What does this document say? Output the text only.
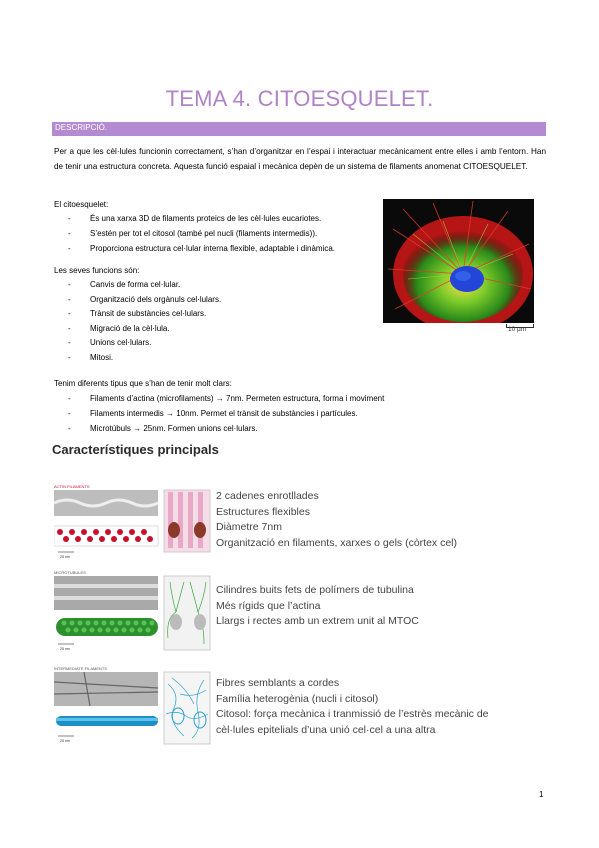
TEMA 4. CITOESQUELET.
DESCRIPCIÓ.
Per a que les cèl·lules funcionin correctament, s’han d’organitzar en l’espai i interactuar mecànicament entre elles i amb l’entorn. Han de tenir una estructura concreta. Aquesta funció espaial i mecànica depèn de un sistema de filaments anomenat CITOESQUELET.
El citoesquelet:
- És una xarxa 3D de filaments proteics de les cèl·lules eucariotes.
- S’estén per tot el citosol (també pel nucli (filaments intermedis)).
- Proporciona estructura cel·lular interna flexible, adaptable i dinàmica.
Les seves funcions són:
- Canvis de forma cel·lular.
- Organització dels orgànuls cel·lulars.
- Trànsit de substàncies cel·lulars.
- Migració de la cèl·lula.
- Unions cel·lulars.
- Mitosi.
Tenim diferents tipus que s’han de tenir molt clars:
- Filaments d’actina (microfilaments) → 7nm. Permeten estructura, forma i moviment
- Filaments intermedis → 10nm. Permet el trànsit de substàncies i partícules.
- Microtúbuls → 25nm. Formen unions cel·lulars.
10 μm
Característiques principals
ACTIN FILAMENTS
25 nm
2 cadenes enrotllades
Estructures flexibles
Diàmetre 7nm
Organització en filaments, xarxes o gels (còrtex cel)
MICROTUBULES
25 nm
Cilindres buits fets de polímers de tubulina
Més rígids que l’actina
Llargs i rectes amb un extrem unit al MTOC
INTERMEDIATE FILAMENTS
25 nm
Fibres semblants a cordes
Família heterogènia (nucli i citosol)
Citosol: força mecànica i tranmissió de l’estrès mecànic de cèl·lules epitelials d’una unió cel·cel a una altra
1
